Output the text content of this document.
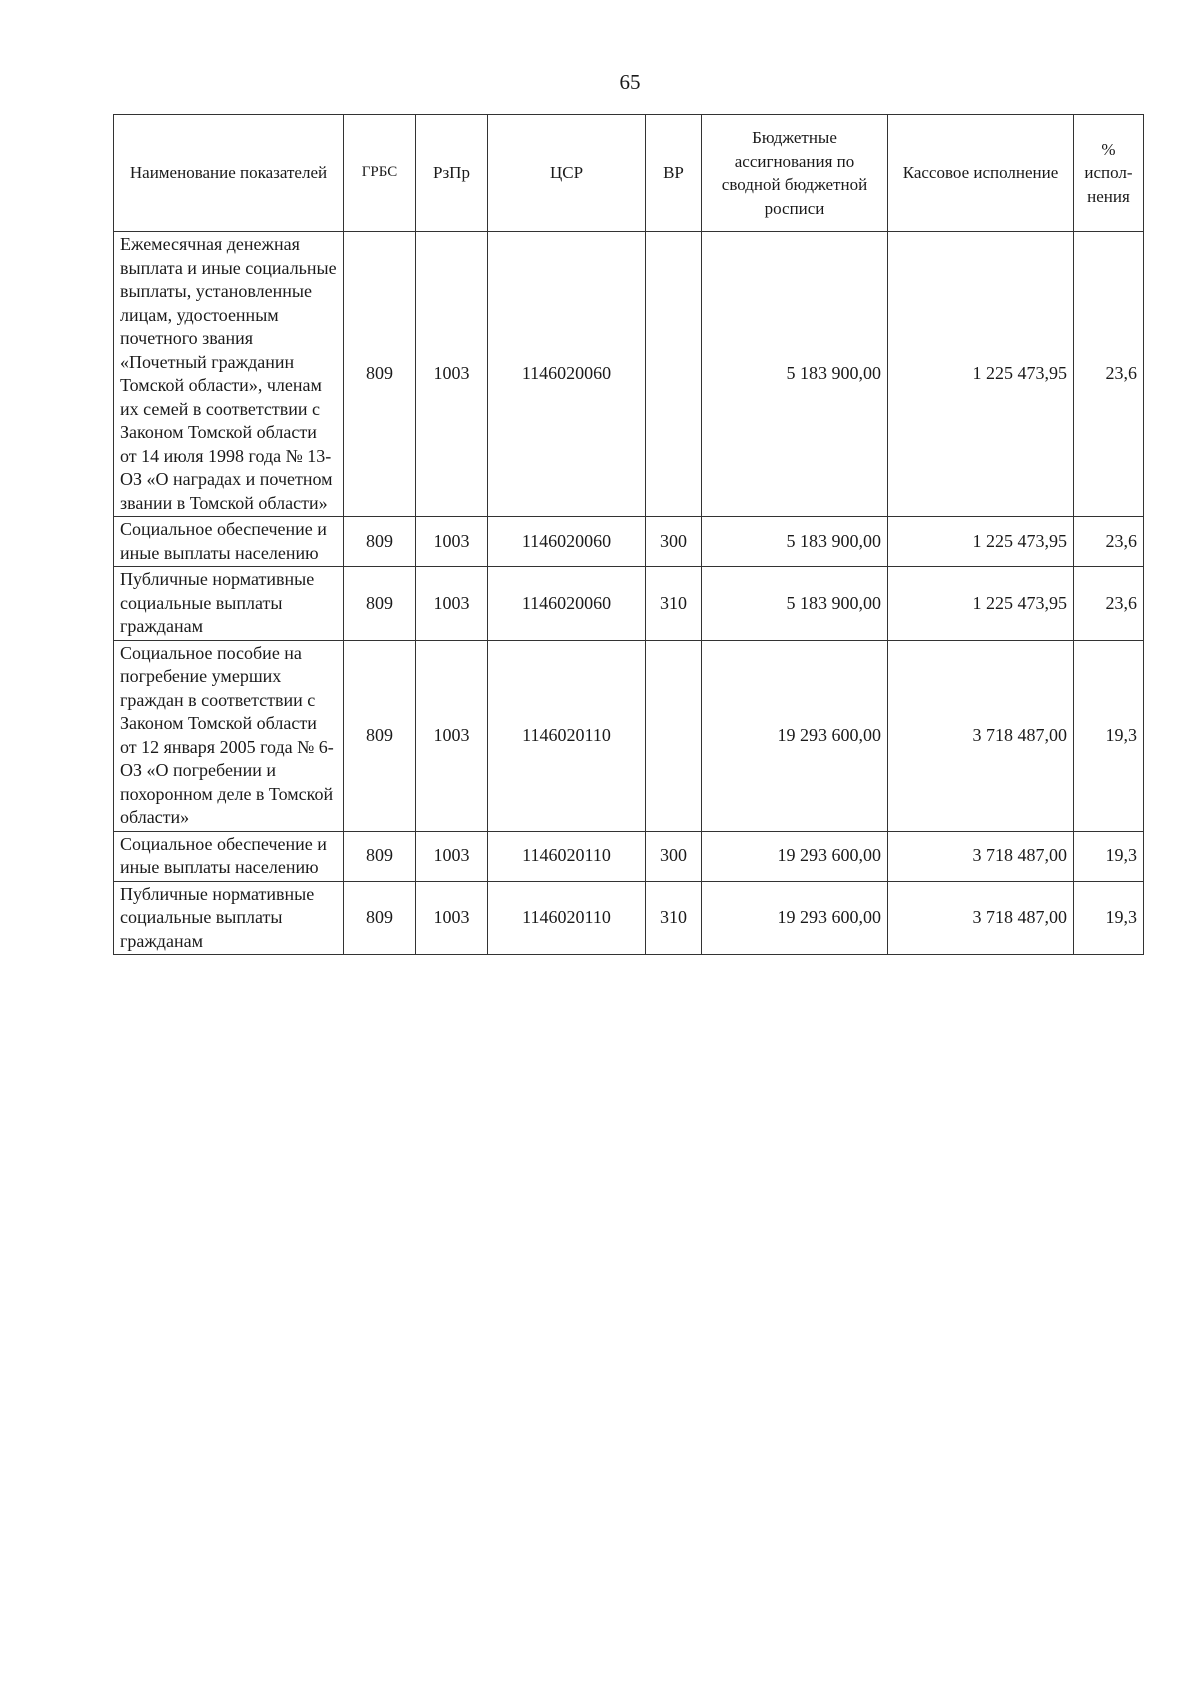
65
Наименование показателей	ГРБС	РзПр	ЦСР	ВР	Бюджетные ассигнования по сводной бюджетной росписи	Кассовое исполнение	% испол-нения
Ежемесячная денежная выплата и иные социальные выплаты, установленные лицам, удостоенным почетного звания «Почетный гражданин Томской области», членам их семей в соответствии с Законом Томской области от 14 июля 1998 года № 13-ОЗ «О наградах и почетном звании в Томской области»	809	1003	1146020060		5 183 900,00	1 225 473,95	23,6
Социальное обеспечение и иные выплаты населению	809	1003	1146020060	300	5 183 900,00	1 225 473,95	23,6
Публичные нормативные социальные выплаты гражданам	809	1003	1146020060	310	5 183 900,00	1 225 473,95	23,6
Социальное пособие на погребение умерших граждан в соответствии с Законом Томской области от 12 января 2005 года № 6-ОЗ «О погребении и похоронном деле в Томской области»	809	1003	1146020110		19 293 600,00	3 718 487,00	19,3
Социальное обеспечение и иные выплаты населению	809	1003	1146020110	300	19 293 600,00	3 718 487,00	19,3
Публичные нормативные социальные выплаты гражданам	809	1003	1146020110	310	19 293 600,00	3 718 487,00	19,3
